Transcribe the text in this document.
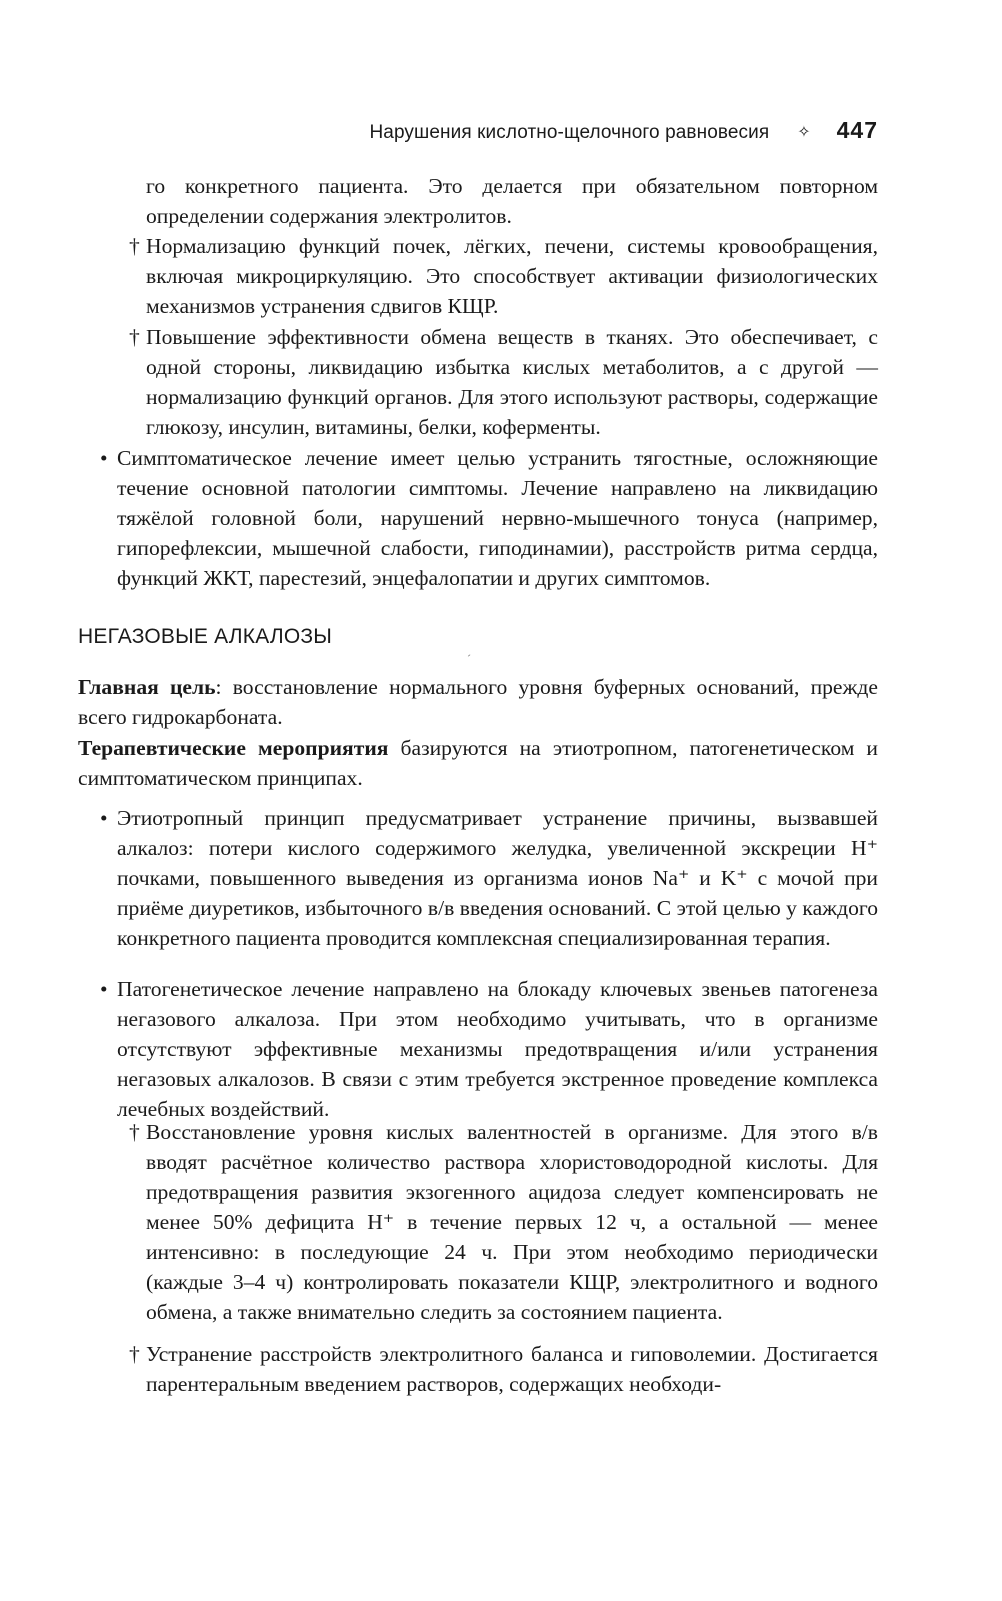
Нарушения кислотно-щелочного равновесия ✧ 447
го конкретного пациента. Это делается при обязательном повторном определении содержания электролитов.
† Нормализацию функций почек, лёгких, печени, системы кровообращения, включая микроциркуляцию. Это способствует активации физиологических механизмов устранения сдвигов КЩР.
† Повышение эффективности обмена веществ в тканях. Это обеспечивает, с одной стороны, ликвидацию избытка кислых метаболитов, а с другой — нормализацию функций органов. Для этого используют растворы, содержащие глюкозу, инсулин, витамины, белки, коферменты.
• Симптоматическое лечение имеет целью устранить тягостные, осложняющие течение основной патологии симптомы. Лечение направлено на ликвидацию тяжёлой головной боли, нарушений нервно-мышечного тонуса (например, гипорефлексии, мышечной слабости, гиподинамии), расстройств ритма сердца, функций ЖКТ, парестезий, энцефалопатии и других симптомов.
НЕГАЗОВЫЕ АЛКАЛОЗЫ
ˊ
Главная цель: восстановление нормального уровня буферных оснований, прежде всего гидрокарбоната.
Терапевтические мероприятия базируются на этиотропном, патогенетическом и симптоматическом принципах.
• Этиотропный принцип предусматривает устранение причины, вызвавшей алкалоз: потери кислого содержимого желудка, увеличенной экскреции H⁺ почками, повышенного выведения из организма ионов Na⁺ и K⁺ с мочой при приёме диуретиков, избыточного в/в введения оснований. С этой целью у каждого конкретного пациента проводится комплексная специализированная терапия.
• Патогенетическое лечение направлено на блокаду ключевых звеньев патогенеза негазового алкалоза. При этом необходимо учитывать, что в организме отсутствуют эффективные механизмы предотвращения и/или устранения негазовых алкалозов. В связи с этим требуется экстренное проведение комплекса лечебных воздействий.
† Восстановление уровня кислых валентностей в организме. Для этого в/в вводят расчётное количество раствора хлористоводородной кислоты. Для предотвращения развития экзогенного ацидоза следует компенсировать не менее 50% дефицита H⁺ в течение первых 12 ч, а остальной — менее интенсивно: в последующие 24 ч. При этом необходимо периодически (каждые 3–4 ч) контролировать показатели КЩР, электролитного и водного обмена, а также внимательно следить за состоянием пациента.
† Устранение расстройств электролитного баланса и гиповолемии. Достигается парентеральным введением растворов, содержащих необходи-
